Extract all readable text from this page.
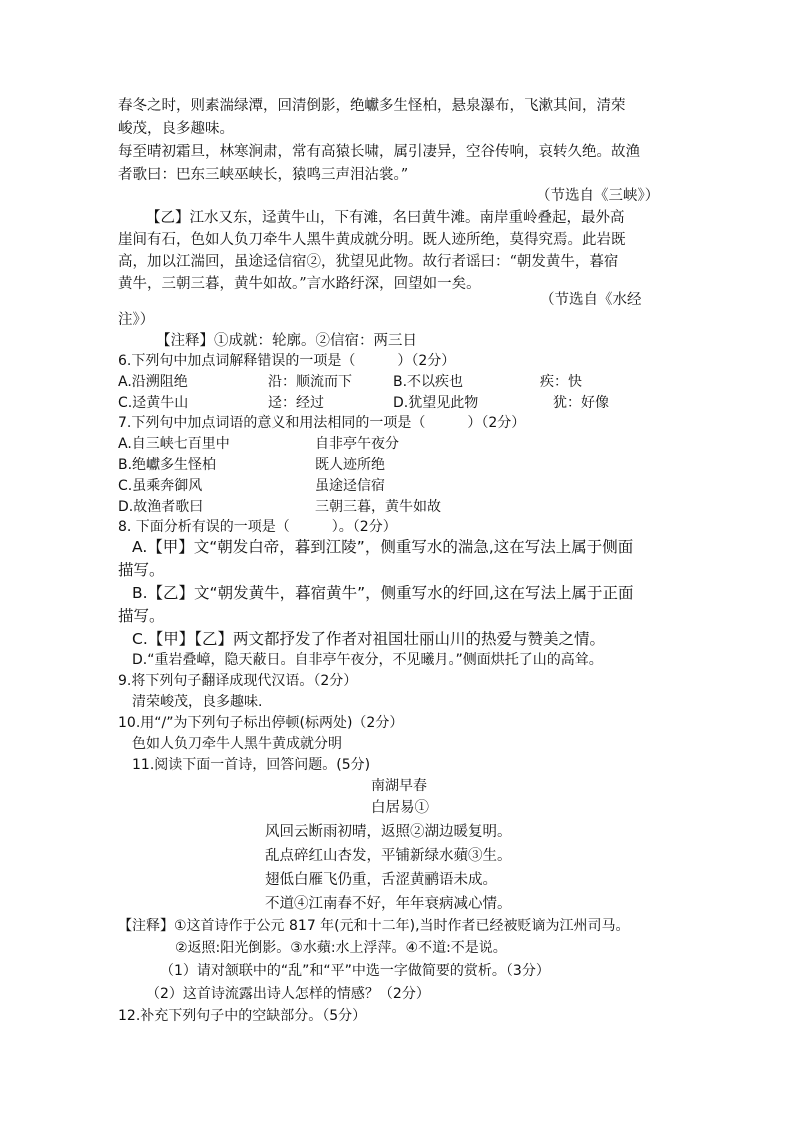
春冬之时，则素湍绿潭，回清倒影，绝巘多生怪柏，悬泉瀑布，飞漱其间，清荣
峻茂，良多趣味。
每至晴初霜旦，林寒涧肃，常有高猿长啸，属引凄异，空谷传响，哀转久绝。故渔
者歌曰：巴东三峡巫峡长，猿鸣三声泪沾裳。”
（节选自《三峡》）
【乙】江水又东，迳黄牛山，下有滩，名曰黄牛滩。南岸重岭叠起，最外高
崖间有石，色如人负刀牵牛人黑牛黄成就分明。既人迹所绝，莫得究焉。此岩既
高，加以江湍回，虽途迳信宿②，犹望见此物。故行者谣曰：“朝发黄牛，暮宿
黄牛，三朝三暮，黄牛如故。”言水路纡深，回望如一矣。
（节选自《水经
注》）
【注释】①成就：轮廓。②信宿：两三日
6.下列句中加点词解释错误的一项是（　　　）（2分）
A.沿溯阻绝	沿：顺流而下	B.不以疾也	疾：快
C.迳黄牛山	迳：经过	D.犹望见此物	犹：好像
7.下列句中加点词语的意义和用法相同的一项是（　　　）（2分）
A.自三峡七百里中	自非亭午夜分
B.绝巘多生怪柏	既人迹所绝
C.虽乘奔御风	虽途迳信宿
D.故渔者歌曰	三朝三暮，黄牛如故
8. 下面分析有误的一项是（　　　）。（2分）
A.【甲】文“朝发白帝，暮到江陵”，侧重写水的湍急,这在写法上属于侧面
描写。
B.【乙】文“朝发黄牛，暮宿黄牛”，侧重写水的纡回,这在写法上属于正面
描写。
C.【甲】【乙】两文都抒发了作者对祖国壮丽山川的热爱与赞美之情。
D.“重岩叠嶂，隐天蔽日。自非亭午夜分，不见曦月。”侧面烘托了山的高耸。
9.将下列句子翻译成现代汉语。（2分）
清荣峻茂，良多趣味.
10.用“/”为下列句子标出停顿(标两处)（2分）
色如人负刀牵牛人黑牛黄成就分明
11.阅读下面一首诗，回答问题。(5分)
南湖早春
白居易①
风回云断雨初晴，返照②湖边暖复明。
乱点碎红山杏发，平铺新绿水蘋③生。
翅低白雁飞仍重，舌涩黄鹂语未成。
不道④江南春不好，年年衰病减心情。
【注释】①这首诗作于公元 817 年(元和十二年),当时作者已经被贬谪为江州司马。
②返照:阳光倒影。③水蘋:水上浮萍。④不道:不是说。
（1）请对颔联中的“乱”和“平”中选一字做简要的赏析。（3分）
（2）这首诗流露出诗人怎样的情感？（2分）
12.补充下列句子中的空缺部分。（5分）
